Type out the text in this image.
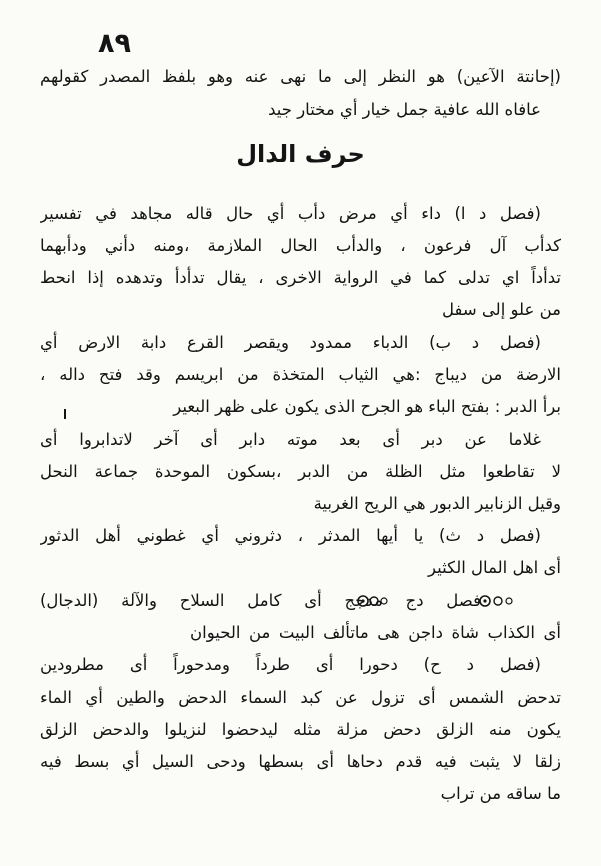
٨٩
(إحانتة الآعين) هو النظر إلى ما نهى عنه وهو بلفظ المصدر كقولهم
عافاه الله عافية جمل خيار أي مختار جيد
حرف الدال
(فصل د ا) داء أي مرض دأب أي حال قاله مجاهد في تفسير
كدأب آل فرعون ، والدأب الحال الملازمة ،ومنه دأني ودأبهما
تدأداً اي تدلى كما في الرواية الاخرى ، يقال تدأدأ وتدهده إذا انحط
من علو إلى سفل
(فصل د ب) الدباء ممدود ويقصر القرع دابة الارض أي
الارضة من ديباج :هي الثياب المتخذة من ابريسم وقد فتح داله ،
برأ الدبر : بفتح الباء هو الجرح الذى يكون على ظهر البعير
غلاما عن دبر أى بعد موته دابر أى آخر لاتدابروا أى
لا تقاطعوا مثل الظلة من الدبر ،بسكون الموحدة جماعة النحل
وقيل الزنابير الدبور هي الريح الغربية
(فصل د ث) يا أيها المدثر ، دثروني أي غطوني أهل الدثور
أى اهل المال الكثير
فصل دج مدجج أى كامل السلاح والآلة (الدجال)
أى الكذاب شاة داجن هى ماتألف البيت من الحيوان
(فصل د ح) دحورا أى طرداً ومدحوراً أى مطرودين
تدحض الشمس أى تزول عن كبد السماء الدحض والطين أي الماء
يكون منه الزلق دحض مزلة مثله ليدحضوا لنزيلوا والدحض الزلق
زلقا لا يثبت فيه قدم دحاها أى بسطها ودحى السيل أي بسط فيه
ما ساقه من تراب
